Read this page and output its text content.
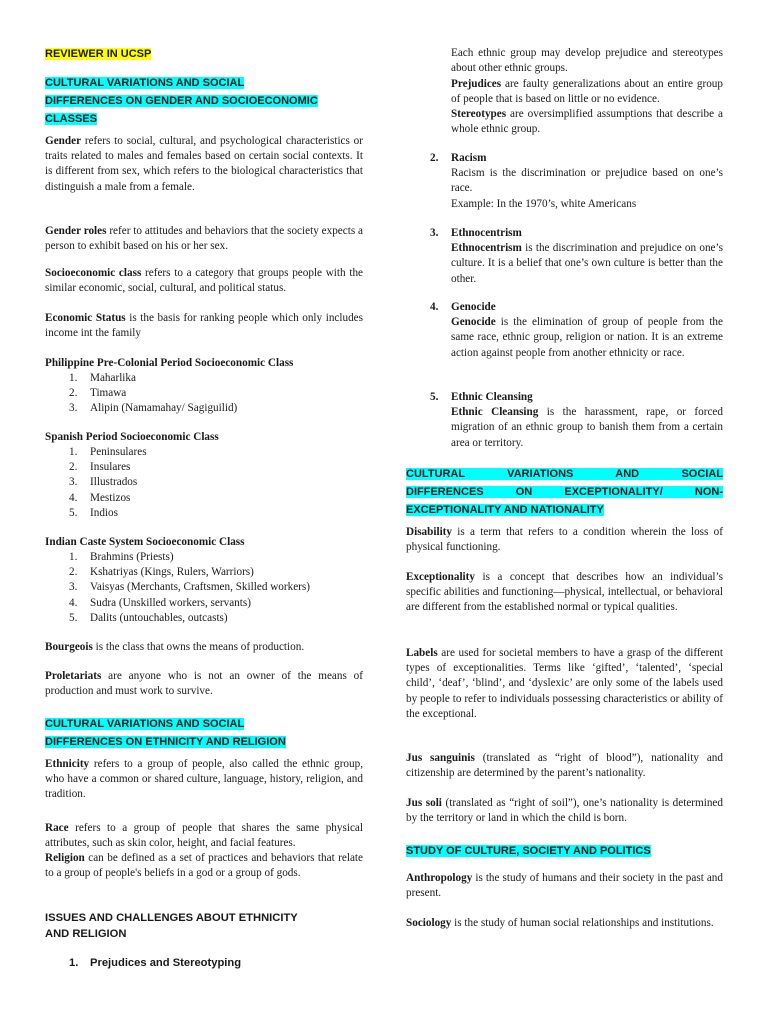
REVIEWER IN UCSP
CULTURAL VARIATIONS AND SOCIAL
DIFFERENCES ON GENDER AND SOCIOECONOMIC
CLASSES

Gender refers to social, cultural, and psychological characteristics or traits related to males and females based on certain social contexts. It is different from sex, which refers to the biological characteristics that distinguish a male from a female.

Gender roles refer to attitudes and behaviors that the society expects a person to exhibit based on his or her sex.

Socioeconomic class refers to a category that groups people with the similar economic, social, cultural, and political status.

Economic Status is the basis for ranking people which only includes income int the family

Philippine Pre-Colonial Period Socioeconomic Class

1. Maharlika
2. Timawa
3. Alipin (Namamahay/ Sagiguilid)

Spanish Period Socioeconomic Class

1. Peninsulares
2. Insulares
3. Illustrados
4. Mestizos
5. Indios

Indian Caste System Socioeconomic Class

1. Brahmins (Priests)
2. Kshatriyas (Kings, Rulers, Warriors)
3. Vaisyas (Merchants, Craftsmen, Skilled workers)
4. Sudra (Unskilled workers, servants)
5. Dalits (untouchables, outcasts)

Bourgeois is the class that owns the means of production.

Proletariats are anyone who is not an owner of the means of production and must work to survive.

CULTURAL VARIATIONS AND SOCIAL
DIFFERENCES ON ETHNICITY AND RELIGION

Ethnicity refers to a group of people, also called the ethnic group, who have a common or shared culture, language, history, religion, and tradition.

Race refers to a group of people that shares the same physical attributes, such as skin color, height, and facial features.

Religion can be defined as a set of practices and behaviors that relate to a group of people's beliefs in a god or a group of gods.

ISSUES AND CHALLENGES ABOUT ETHNICITY
AND RELIGION
1. Prejudices and Stereotyping

Each ethnic group may develop prejudice and stereotypes about other ethnic groups.

Prejudices are faulty generalizations about an entire group of people that is based on little or no evidence.

Stereotypes are oversimplified assumptions that describe a whole ethnic group.

2. Racism

Racism is the discrimination or prejudice based on one’s race.

Example: In the 1970’s, white Americans

3. Ethnocentrism

Ethnocentrism is the discrimination and prejudice on one’s culture. It is a belief that one’s own culture is better than the other.

4. Genocide

Genocide is the elimination of group of people from the same race, ethnic group, religion or nation. It is an extreme action against people from another ethnicity or race.

5. Ethnic Cleansing

Ethnic Cleansing is the harassment, rape, or forced migration of an ethnic group to banish them from a certain area or territory.

CULTURAL VARIATIONS AND SOCIAL
DIFFERENCES ON EXCEPTIONALITY/ NON-
EXCEPTIONALITY AND NATIONALITY

Disability is a term that refers to a condition wherein the loss of physical functioning.

Exceptionality is a concept that describes how an individual’s specific abilities and functioning—physical, intellectual, or behavioral are different from the established normal or typical qualities.

Labels are used for societal members to have a grasp of the different types of exceptionalities. Terms like ‘gifted’, ‘talented’, ‘special child’, ‘deaf’, ‘blind’, and ‘dyslexic’ are only some of the labels used by people to refer to individuals possessing characteristics or ability of the exceptional.

Jus sanguinis (translated as “right of blood”), nationality and citizenship are determined by the parent’s nationality.

Jus soli (translated as “right of soil”), one’s nationality is determined by the territory or land in which the child is born.

STUDY OF CULTURE, SOCIETY AND POLITICS

Anthropology is the study of humans and their society in the past and present.

Sociology is the study of human social relationships and institutions.
